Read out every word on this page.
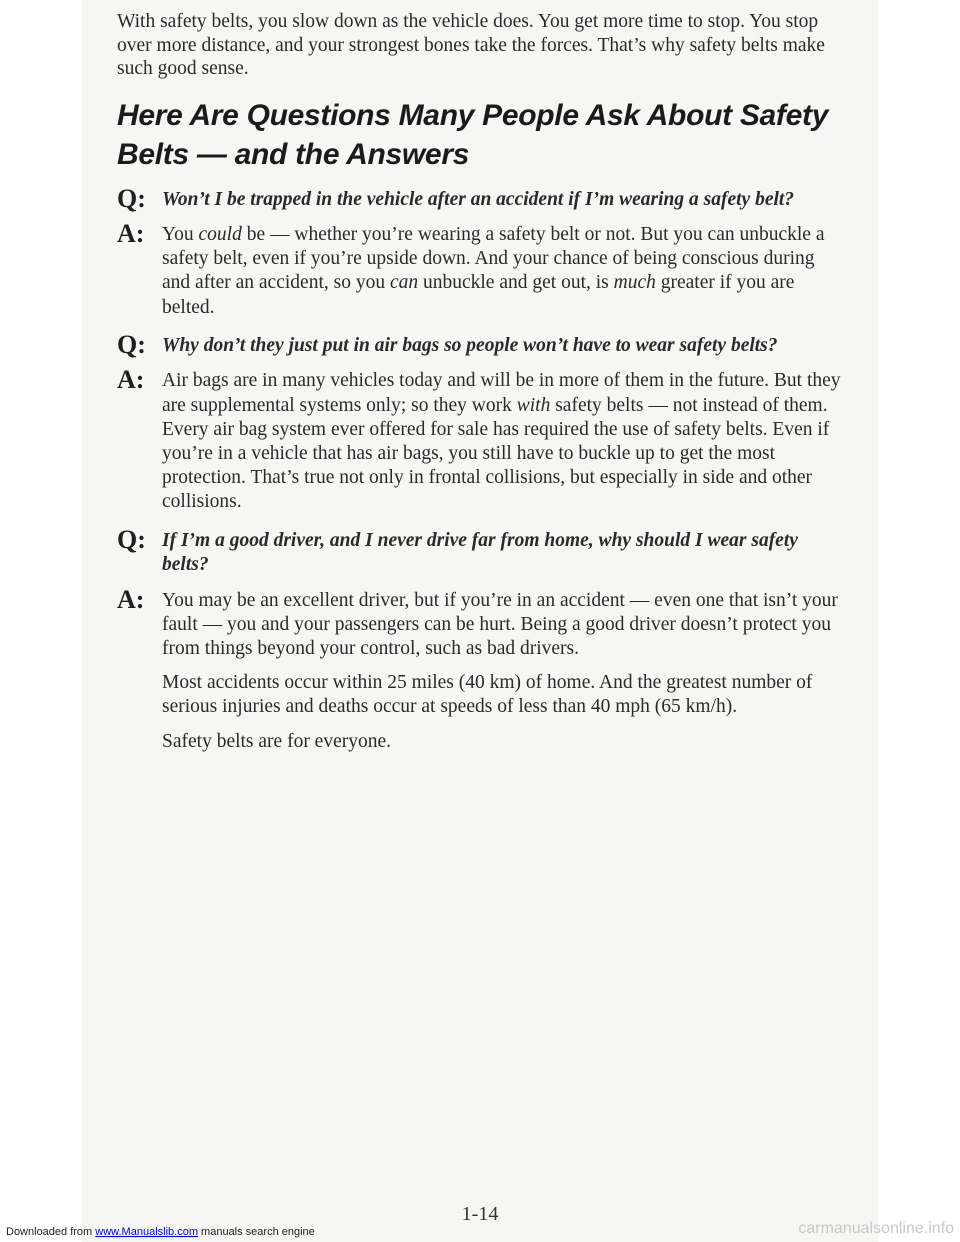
With safety belts, you slow down as the vehicle does. You get more time to stop. You stop over more distance, and your strongest bones take the forces. That’s why safety belts make such good sense.

Here Are Questions Many People Ask About Safety Belts — and the Answers
Q: Won’t I be trapped in the vehicle after an accident if I’m wearing a safety belt?
A: You could be — whether you’re wearing a safety belt or not. But you can unbuckle a safety belt, even if you’re upside down. And your chance of being conscious during and after an accident, so you can unbuckle and get out, is much greater if you are belted.
Q: Why don’t they just put in air bags so people won’t have to wear safety belts?
A: Air bags are in many vehicles today and will be in more of them in the future. But they are supplemental systems only; so they work with safety belts — not instead of them. Every air bag system ever offered for sale has required the use of safety belts. Even if you’re in a vehicle that has air bags, you still have to buckle up to get the most protection. That’s true not only in frontal collisions, but especially in side and other collisions.
Q: If I’m a good driver, and I never drive far from home, why should I wear safety belts?
A: You may be an excellent driver, but if you’re in an accident — even one that isn’t your fault — you and your passengers can be hurt. Being a good driver doesn’t protect you from things beyond your control, such as bad drivers.

Most accidents occur within 25 miles (40 km) of home. And the greatest number of serious injuries and deaths occur at speeds of less than 40 mph (65 km/h).

Safety belts are for everyone.

1-14
Downloaded from www.Manualslib.com manuals search engine	carmanualsonline.info
